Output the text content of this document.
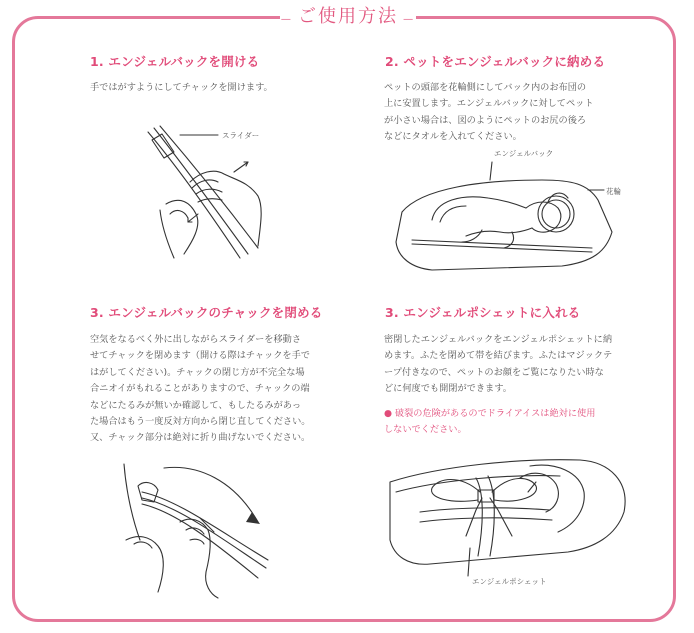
— ご使用方法 —
1. エンジェルバックを開ける

手ではがすようにしてチャックを開けます。

スライダー
2. ペットをエンジェルバックに納める

ペットの頭部を花輪側にしてバック内のお布団の
上に安置します。エンジェルバックに対してペット
が小さい場合は、図のようにペットのお尻の後ろ
などにタオルを入れてください。

エンジェルバック
花輪
3. エンジェルバックのチャックを閉める

空気をなるべく外に出しながらスライダーを移動さ
せてチャックを閉めます（開ける際はチャックを手で
はがしてください)。チャックの閉じ方が不完全な場
合ニオイがもれることがありますので、チャックの端
などにたるみが無いか確認して、もしたるみがあっ
た場合はもう一度反対方向から閉じ直してください。
又、チャック部分は絶対に折り曲げないでください。

3. エンジェルポシェットに入れる

密閉したエンジェルバックをエンジェルポシェットに納
めます。ふたを閉めて帯を結びます。ふたはマジックテ
ープ付きなので、ペットのお顔をご覧になりたい時な
どに何度でも開閉ができます。

● 破裂の危険があるのでドライアイスは絶対に使用
しないでください。

エンジェルポシェット
